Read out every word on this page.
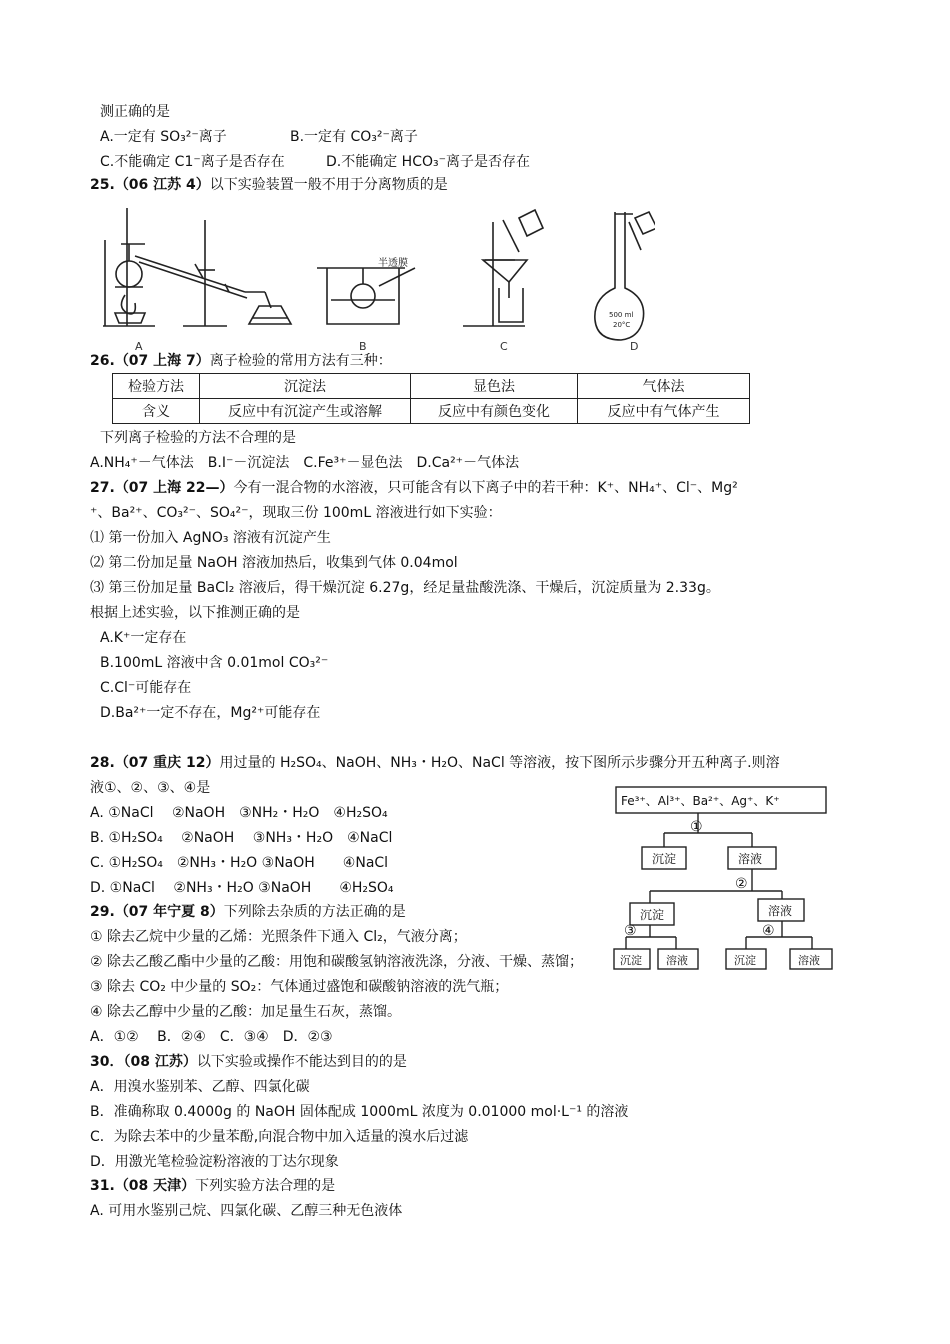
测正确的是
A.一定有 SO₃²⁻离子	B.一定有 CO₃²⁻离子
C.不能确定 C1⁻离子是否存在	D.不能确定 HCO₃⁻离子是否存在
25.（06 江苏 4）以下实验装置一般不用于分离物质的是
半透膜
500 ml
20°C
A	B	C	D
26.（07 上海 7）离子检验的常用方法有三种：
检验方法	沉淀法	显色法	气体法
含义	反应中有沉淀产生或溶解	反应中有颜色变化	反应中有气体产生
下列离子检验的方法不合理的是
A.NH₄⁺－气体法　B.I⁻－沉淀法　C.Fe³⁺－显色法　D.Ca²⁺－气体法
27.（07 上海 22—）今有一混合物的水溶液，只可能含有以下离子中的若干种：K⁺、NH₄⁺、Cl⁻、Mg²
⁺、Ba²⁺、CO₃²⁻、SO₄²⁻，现取三份 100mL 溶液进行如下实验：
⑴ 第一份加入 AgNO₃ 溶液有沉淀产生
⑵ 第二份加足量 NaOH 溶液加热后，收集到气体 0.04mol
⑶ 第三份加足量 BaCl₂ 溶液后，得干燥沉淀 6.27g，经足量盐酸洗涤、干燥后，沉淀质量为 2.33g。
根据上述实验，以下推测正确的是
A.K⁺一定存在
B.100mL 溶液中含 0.01mol CO₃²⁻
C.Cl⁻可能存在
D.Ba²⁺一定不存在，Mg²⁺可能存在
28.（07 重庆 12）用过量的 H₂SO₄、NaOH、NH₃・H₂O、NaCl 等溶液，按下图所示步骤分开五种离子.则溶
液①、②、③、④是
A. ①NaCl　 ②NaOH　③NH₂・H₂O　④H₂SO₄
B. ①H₂SO₄　 ②NaOH　 ③NH₃・H₂O　④NaCl
C. ①H₂SO₄　②NH₃・H₂O ③NaOH　　④NaCl
D. ①NaCl　 ②NH₃・H₂O ③NaOH　　④H₂SO₄
Fe³⁺、Al³⁺、Ba²⁺、Ag⁺、K⁺
①
沉淀	溶液
②
沉淀	溶液
③	④
沉淀 溶液	沉淀	溶液
29.（07 年宁夏 8）下列除去杂质的方法正确的是
① 除去乙烷中少量的乙烯：光照条件下通入 Cl₂，气液分离；
② 除去乙酸乙酯中少量的乙酸：用饱和碳酸氢钠溶液洗涤，分液、干燥、蒸馏；
③ 除去 CO₂ 中少量的 SO₂：气体通过盛饱和碳酸钠溶液的洗气瓶；
④ 除去乙醇中少量的乙酸：加足量生石灰，蒸馏。
A．①②　 B．②④　C．③④　D．②③
30．（08 江苏）以下实验或操作不能达到目的的是
A．用溴水鉴别苯、乙醇、四氯化碳
B．准确称取 0.4000g 的 NaOH 固体配成 1000mL 浓度为 0.01000 mol·L⁻¹ 的溶液
C．为除去苯中的少量苯酚,向混合物中加入适量的溴水后过滤
D．用激光笔检验淀粉溶液的丁达尔现象
31.（08 天津）下列实验方法合理的是
A. 可用水鉴别己烷、四氯化碳、乙醇三种无色液体
